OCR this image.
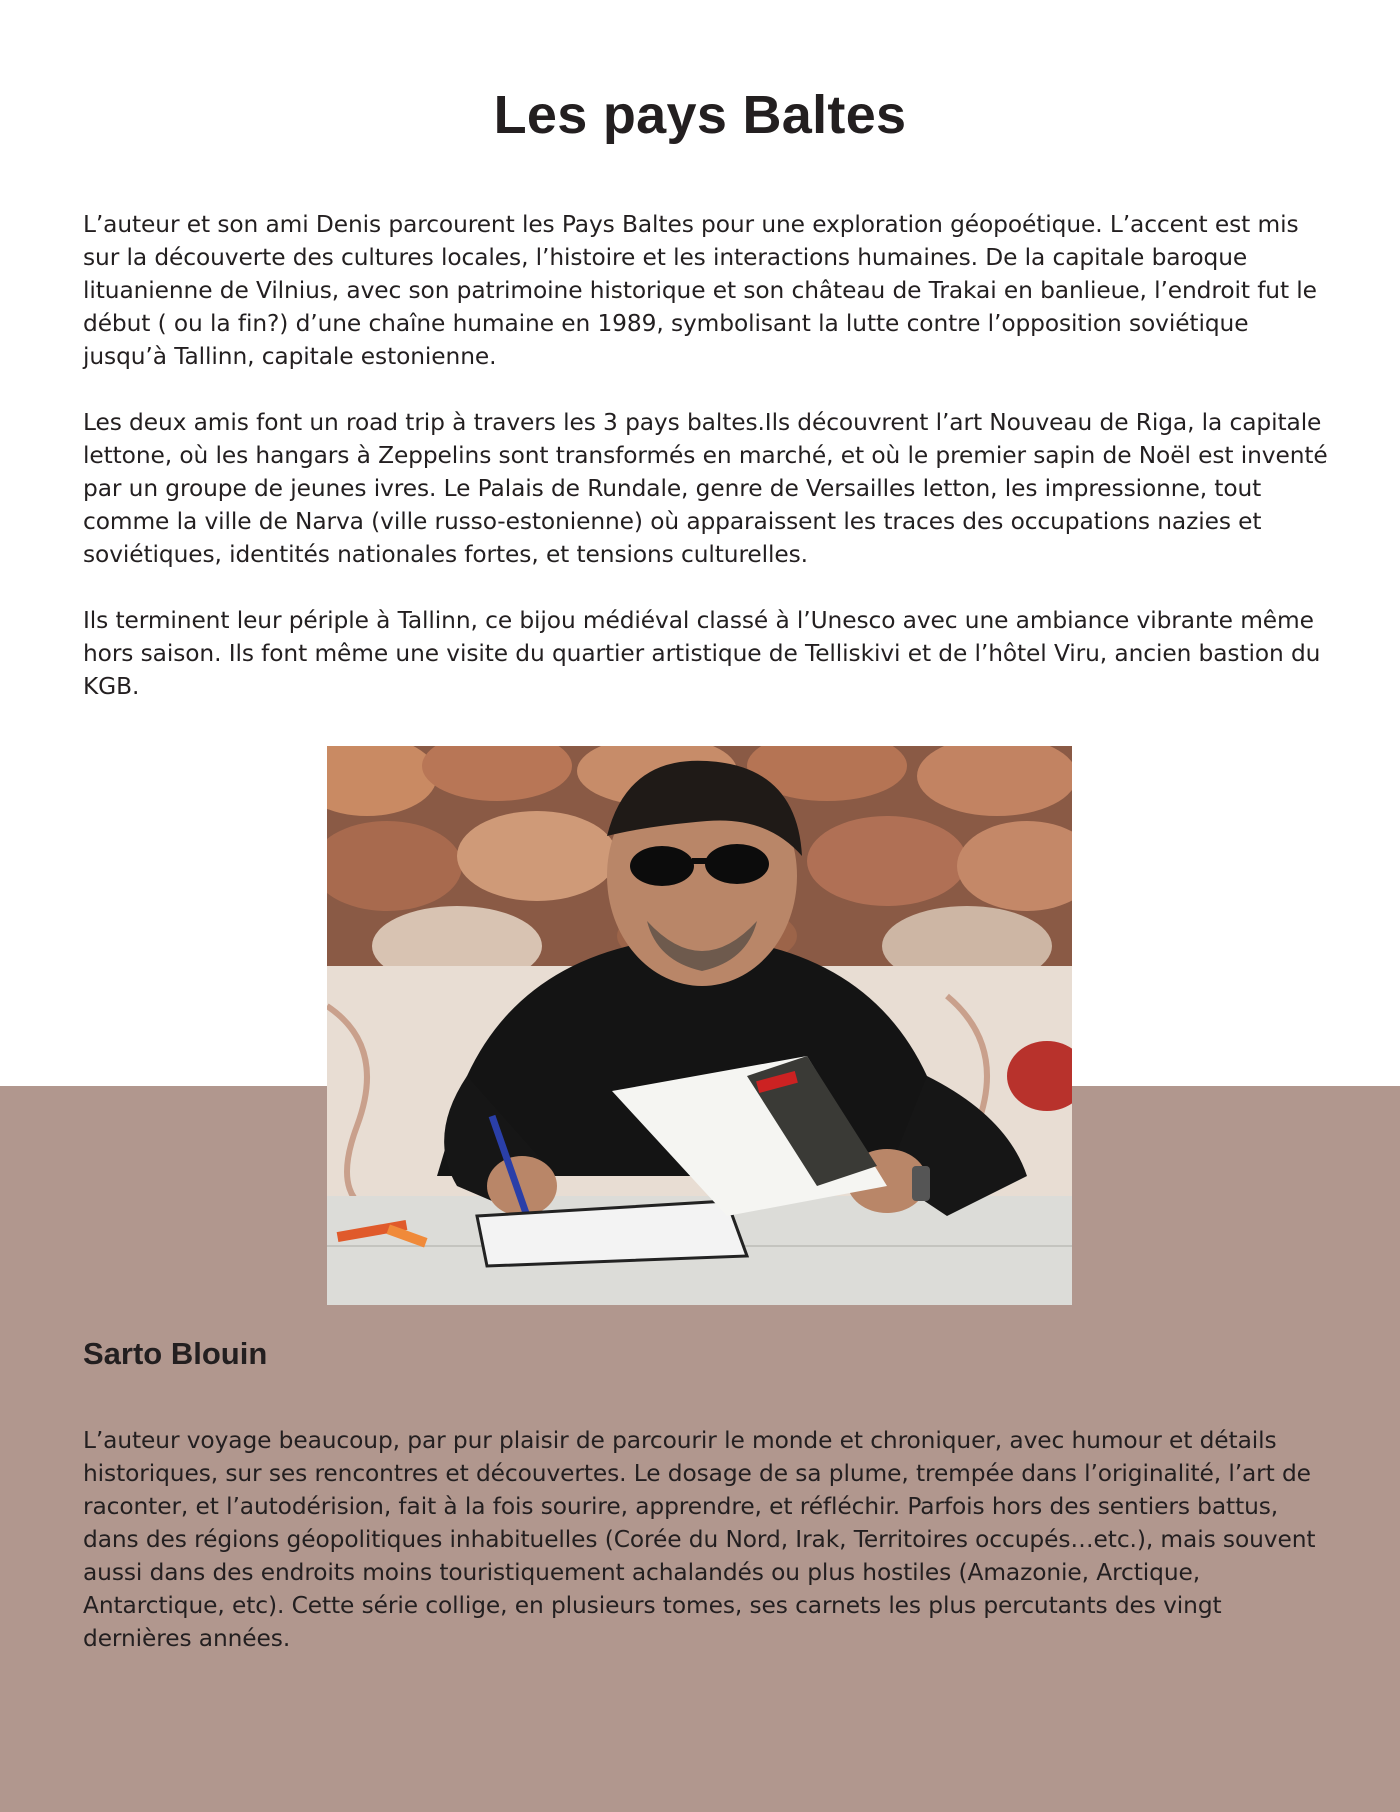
Les pays Baltes

L’auteur et son ami Denis parcourent les Pays Baltes pour une exploration géopoétique. L’accent est mis sur la découverte des cultures locales, l’histoire et les interactions humaines. De la capitale baroque lituanienne de Vilnius, avec son patrimoine historique et son château de Trakai en banlieue, l’endroit fut le début ( ou la fin?) d’une chaîne humaine en 1989, symbolisant la lutte contre l’opposition soviétique jusqu’à Tallinn, capitale estonienne.

Les deux amis font un road trip à travers les 3 pays baltes.Ils découvrent l’art Nouveau de Riga, la capitale lettone, où les hangars à Zeppelins sont transformés en marché, et où le premier sapin de Noël est inventé par un groupe de jeunes ivres. Le Palais de Rundale, genre de Versailles letton, les impressionne, tout comme la ville de Narva (ville russo-estonienne) où apparaissent les traces des occupations nazies et soviétiques, identités nationales fortes, et tensions culturelles.

Ils terminent leur périple à Tallinn, ce bijou médiéval classé à l’Unesco avec une ambiance vibrante même hors saison. Ils font même une visite du quartier artistique de Telliskivi et de l’hôtel Viru, ancien bastion du KGB.

Sarto Blouin

L’auteur voyage beaucoup, par pur plaisir de parcourir le monde et chroniquer, avec humour et détails historiques, sur ses rencontres et découvertes. Le dosage de sa plume, trempée dans l’originalité, l’art de raconter, et l’autodérision, fait à la fois sourire, apprendre, et réfléchir. Parfois hors des sentiers battus, dans des régions géopolitiques inhabituelles (Corée du Nord, Irak, Territoires occupés…etc.), mais souvent aussi dans des endroits moins touristiquement achalandés ou plus hostiles (Amazonie, Arctique, Antarctique, etc). Cette série collige, en plusieurs tomes, ses carnets les plus percutants des vingt dernières années.
